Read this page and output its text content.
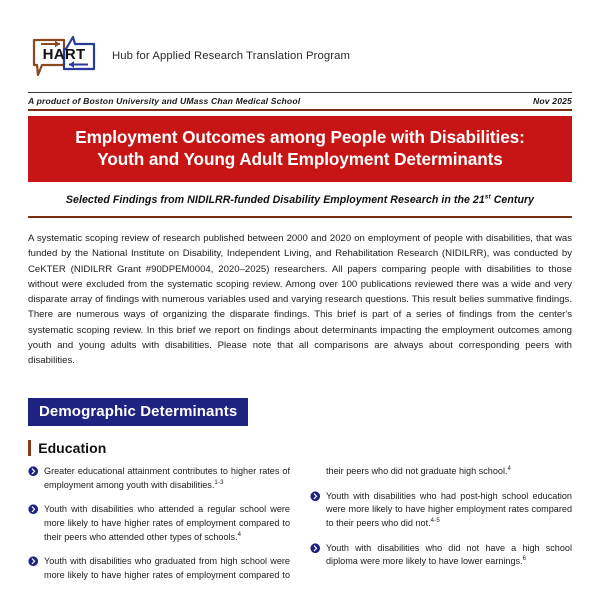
HART Hub for Applied Research Translation Program
A product of Boston University and UMass Chan Medical School	Nov 2025
Employment Outcomes among People with Disabilities:
Youth and Young Adult Employment Determinants
Selected Findings from NIDILRR-funded Disability Employment Research in the 21st Century

A systematic scoping review of research published between 2000 and 2020 on employment of people with disabilities, that was funded by the National Institute on Disability, Independent Living, and Rehabilitation Research (NIDILRR), was conducted by CeKTER (NIDILRR Grant #90DPEM0004, 2020–2025) researchers. All papers comparing people with disabilities to those without were excluded from the systematic scoping review. Among over 100 publications reviewed there was a wide and very disparate array of findings with numerous variables used and varying research questions. This result belies summative findings. There are numerous ways of organizing the disparate findings. This brief is part of a series of findings from the center's systematic scoping review. In this brief we report on findings about determinants impacting the employment outcomes among youth and young adults with disabilities. Please note that all comparisons are always about corresponding peers with disabilities.

Demographic Determinants
Education
Greater educational attainment contributes to higher rates of employment among youth with disabilities.$^{1-3}$
Youth with disabilities who attended a regular school were more likely to have higher rates of employment compared to their peers who attended other types of schools.$^4$
Youth with disabilities who graduated from high school were more likely to have higher rates of employment compared to their peers who did not graduate high school.$^4$
Youth with disabilities who had post-high school education were more likely to have higher employment rates compared to their peers who did not.$^{4-5}$
Youth with disabilities who did not have a high school diploma were more likely to have lower earnings.$^6$
